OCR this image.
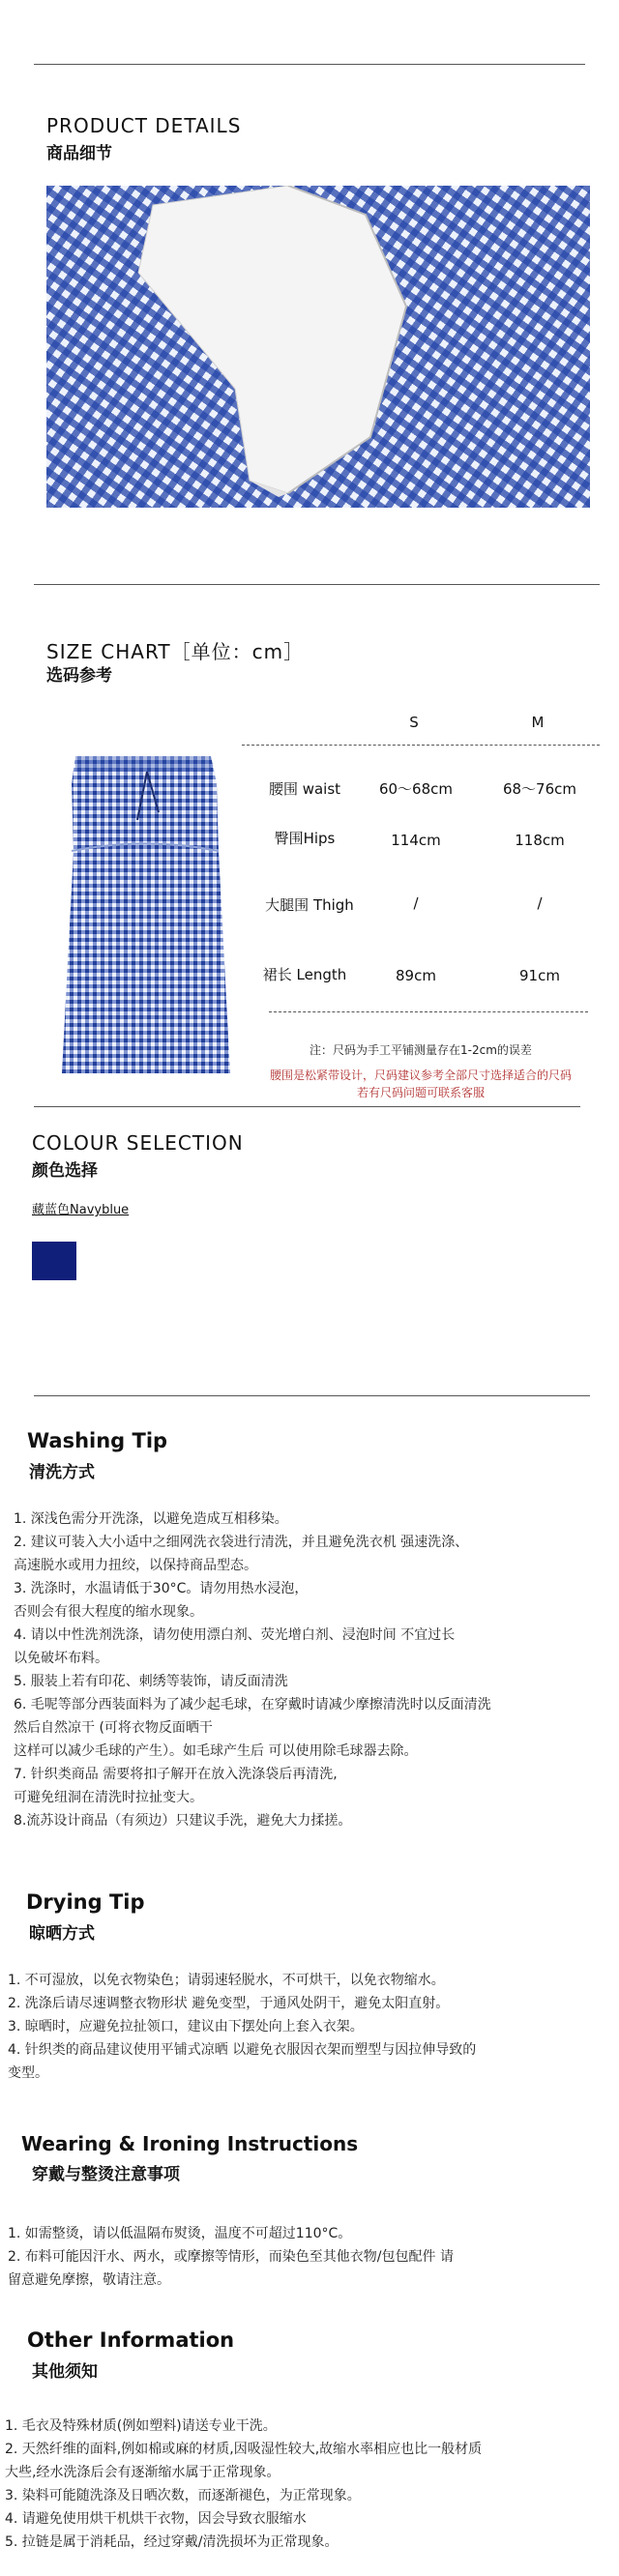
PRODUCT DETAILS
商品细节
SIZE CHART［单位：cm］
选码参考
S	M
腰围 waist	60～68cm	68～76cm
臀围Hips	114cm	118cm
大腿围 Thigh	/	/
裙长 Length	89cm	91cm
注：尺码为手工平铺测量存在1-2cm的误差
腰围是松紧带设计，尺码建议参考全部尺寸选择适合的尺码
若有尺码问题可联系客服
COLOUR SELECTION
颜色选择
藏蓝色Navyblue
Washing Tip
清洗方式
1. 深浅色需分开洗涤，以避免造成互相移染。
2. 建议可装入大小适中之细网洗衣袋进行清洗，并且避免洗衣机 强速洗涤、
高速脱水或用力扭绞，以保持商品型态。
3. 洗涤时，水温请低于30°C。请勿用热水浸泡，
否则会有很大程度的缩水现象。
4. 请以中性洗剂洗涤，请勿使用漂白剂、荧光增白剂、浸泡时间 不宜过长
以免破坏布料。
5. 服装上若有印花、刺绣等装饰，请反面清洗
6. 毛呢等部分西装面料为了减少起毛球，在穿戴时请减少摩擦清洗时以反面清洗
然后自然凉干 (可将衣物反面晒干
这样可以减少毛球的产生）。如毛球产生后 可以使用除毛球器去除。
7. 针织类商品 需要将扣子解开在放入洗涤袋后再清洗,
可避免纽洞在清洗时拉扯变大。
8.流苏设计商品（有须边）只建议手洗，避免大力揉搓。
Drying Tip
晾晒方式
1. 不可湿放，以免衣物染色；请弱速轻脱水，不可烘干，以免衣物缩水。
2. 洗涤后请尽速调整衣物形状 避免变型，于通风处阴干，避免太阳直射。
3. 晾晒时，应避免拉扯领口，建议由下摆处向上套入衣架。
4. 针织类的商品建议使用平铺式凉晒 以避免衣服因衣架而塑型与因拉伸导致的
变型。
Wearing & Ironing Instructions
穿戴与整烫注意事项
1. 如需整烫，请以低温隔布熨烫，温度不可超过110°C。
2. 布料可能因汗水、两水，或摩擦等情形，而染色至其他衣物/包包配件 请
留意避免摩擦，敬请注意。
Other Information
其他须知
1. 毛衣及特殊材质(例如塑料)请送专业干洗。
2. 天然纤维的面料,例如棉或麻的材质,因吸湿性较大,故缩水率相应也比一般材质
大些,经水洗涤后会有逐渐缩水属于正常现象。
3. 染料可能随洗涤及日晒次数，而逐渐褪色，为正常现象。
4. 请避免使用烘干机烘干衣物，因会导致衣服缩水
5. 拉链是属于消耗品，经过穿戴/清洗损坏为正常现象。
